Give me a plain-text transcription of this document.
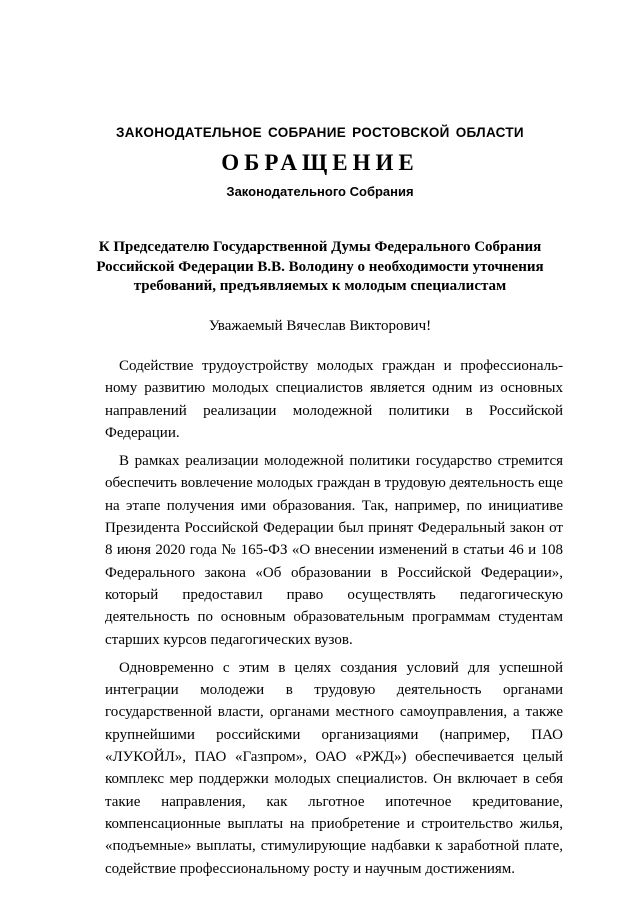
ЗАКОНОДАТЕЛЬНОЕ СОБРАНИЕ РОСТОВСКОЙ ОБЛАСТИ
ОБРАЩЕНИЕ
Законодательного Собрания
К Председателю Государственной Думы Федерального Собрания Российской Федерации В.В. Володину о необходимости уточнения требований, предъявляемых к молодым специалистам
Уважаемый Вячеслав Викторович!

Содействие трудоустройству молодых граждан и профессиональному развитию молодых специалистов является одним из основных направлений реализации молодежной политики в Российской Федерации.

В рамках реализации молодежной политики государство стремится обеспечить вовлечение молодых граждан в трудовую деятельность еще на этапе получения ими образования. Так, например, по инициативе Президента Российской Федерации был принят Федеральный закон от 8 июня 2020 года № 165-ФЗ «О внесении изменений в статьи 46 и 108 Федерального закона «Об образовании в Российской Федерации», который предоставил право осуществлять педагогическую деятельность по основным образовательным программам студентам старших курсов педагогических вузов.

Одновременно с этим в целях создания условий для успешной интеграции молодежи в трудовую деятельность органами государственной власти, органами местного самоуправления, а также крупнейшими российскими организациями (например, ПАО «ЛУКОЙЛ», ПАО «Газпром», ОАО «РЖД») обеспечивается целый комплекс мер поддержки молодых специалистов. Он включает в себя такие направления, как льготное ипотечное кредитование, компенсационные выплаты на приобретение и строительство жилья, «подъемные» выплаты, стимулирующие надбавки к заработной плате, содействие профессиональному росту и научным достижениям.
